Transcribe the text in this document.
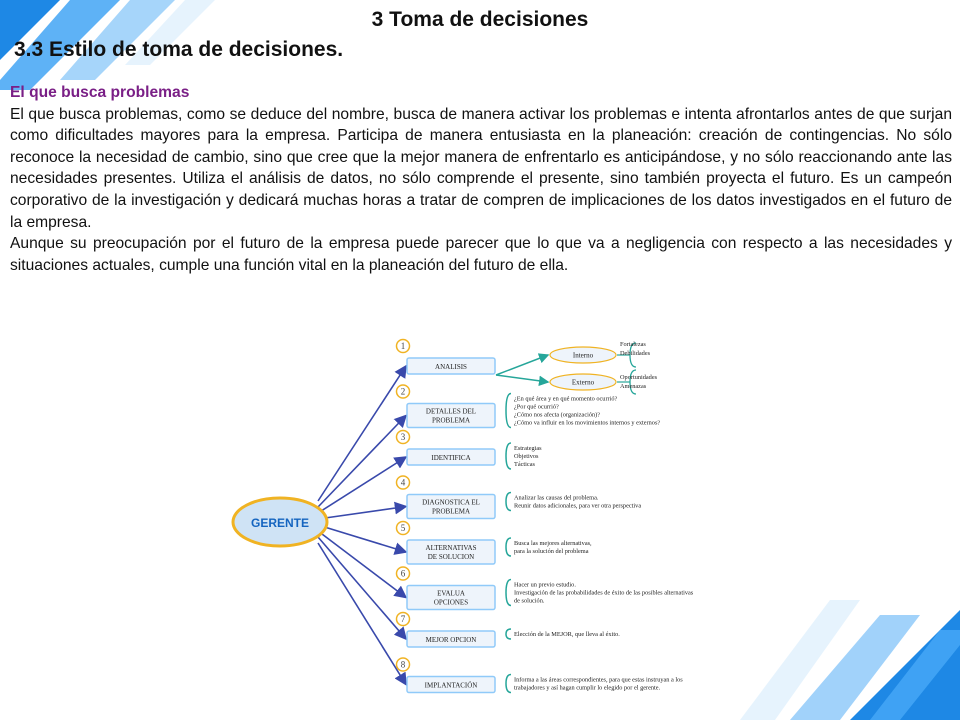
3 Toma de decisiones
3.3 Estilo de toma de decisiones.
El que busca problemas

El que busca problemas, como se deduce del nombre, busca de manera activar los problemas e intenta afrontarlos antes de que surjan como dificultades mayores para la empresa. Participa de manera entusiasta en la planeación: creación de contingencias. No sólo reconoce la necesidad de cambio, sino que cree que la mejor manera de enfrentarlo es anticipándose, y no sólo reaccionando ante las necesidades presentes. Utiliza el análisis de datos, no sólo comprende el presente, sino también proyecta el futuro. Es un campeón corporativo de la investigación y dedicará muchas horas a tratar de compren de implicaciones de los datos investigados en el futuro de la empresa.

Aunque su preocupación por el futuro de la empresa puede parecer que lo que va a negligencia con respecto a las necesidades y situaciones actuales, cumple una función vital en la planeación del futuro de ella.

GERENTE
1
ANALISIS
2
DETALLES DEL
PROBLEMA
¿En qué área y en qué momento ocurrió?
¿Por qué ocurrió?
¿Cómo nos afecta (organización)?
¿Cómo va influir en los movimientos internos y externos?
3
IDENTIFICA
Estrategias
Objetivos
Tácticas
4
DIAGNOSTICA EL
PROBLEMA
Analizar las causas del problema.
Reunir datos adicionales, para ver otra perspectiva
5
ALTERNATIVAS
DE SOLUCION
Busca las mejores alternativas,
para la solución del problema
6
EVALUA
OPCIONES
Hacer un previo estudio.
Investigación de las probabilidades de éxito de las posibles alternativas
de solución.
7
MEJOR OPCION
Elección de la MEJOR, que lleva al éxito.
8
IMPLANTACIÓN
Informa a las áreas correspondientes, para que estas instruyan a los
trabajadores y así hagan cumplir lo elegido por el gerente.
Interno
Fortalezas
Debilidades
Externo
Oportunidades
Amenazas
